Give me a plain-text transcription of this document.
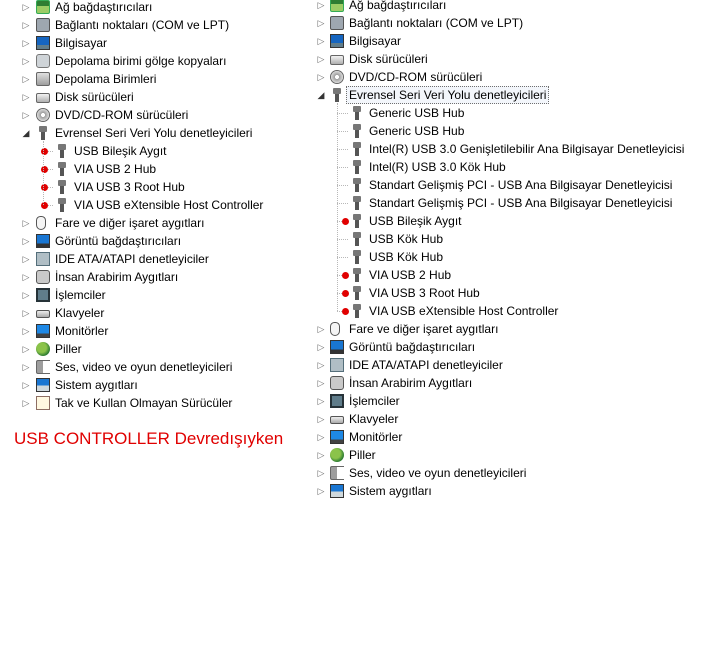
▷ Ağ bağdaştırıcıları
▷ Bağlantı noktaları (COM ve LPT)
▷ Bilgisayar
▷ Depolama birimi gölge kopyaları
▷ Depolama Birimleri
▷ Disk sürücüleri
▷ DVD/CD-ROM sürücüleri
◢ Evrensel Seri Veri Yolu denetleyicileri
USB Bileşik Aygıt
VIA USB 2 Hub
VIA USB 3 Root Hub
VIA USB eXtensible Host Controller
▷ Fare ve diğer işaret aygıtları
▷ Görüntü bağdaştırıcıları
▷ IDE ATA/ATAPI denetleyiciler
▷ İnsan Arabirim Aygıtları
▷ İşlemciler
▷ Klavyeler
▷ Monitörler
▷ Piller
▷ Ses, video ve oyun denetleyicileri
▷ Sistem aygıtları
▷ Tak ve Kullan Olmayan Sürücüler
▷ Ağ bağdaştırıcıları
▷ Bağlantı noktaları (COM ve LPT)
▷ Bilgisayar
▷ Disk sürücüleri
▷ DVD/CD-ROM sürücüleri
◢ Evrensel Seri Veri Yolu denetleyicileri
Generic USB Hub
Generic USB Hub
Intel(R) USB 3.0 Genişletilebilir Ana Bilgisayar Denetleyicisi
Intel(R) USB 3.0 Kök Hub
Standart Gelişmiş PCI - USB Ana Bilgisayar Denetleyicisi
Standart Gelişmiş PCI - USB Ana Bilgisayar Denetleyicisi
USB Bileşik Aygıt
USB Kök Hub
USB Kök Hub
VIA USB 2 Hub
VIA USB 3 Root Hub
VIA USB eXtensible Host Controller
▷ Fare ve diğer işaret aygıtları
▷ Görüntü bağdaştırıcıları
▷ IDE ATA/ATAPI denetleyiciler
▷ İnsan Arabirim Aygıtları
▷ İşlemciler
▷ Klavyeler
▷ Monitörler
▷ Piller
▷ Ses, video ve oyun denetleyicileri
▷ Sistem aygıtları
USB CONTROLLER Devredışıyken
